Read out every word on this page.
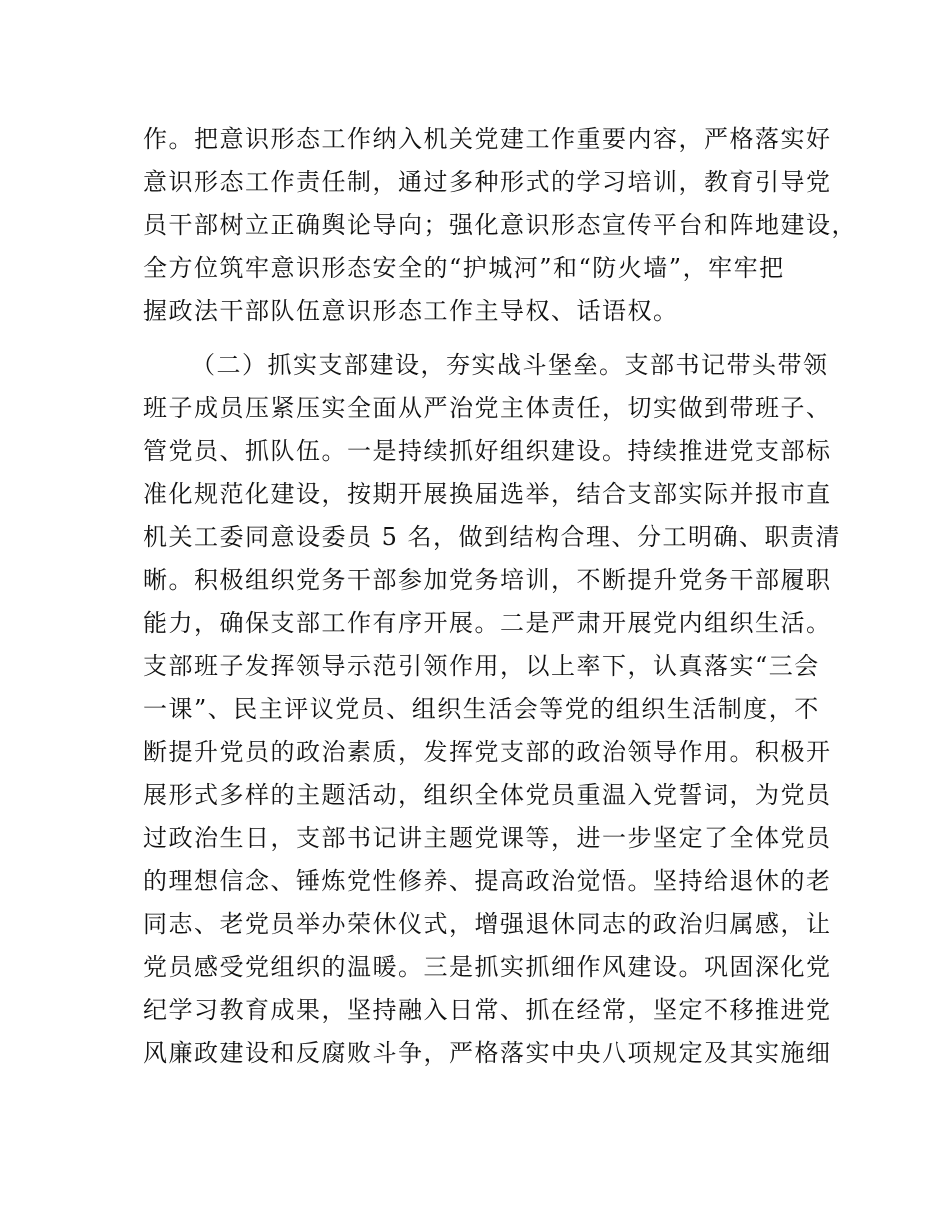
作。把意识形态工作纳入机关党建工作重要内容，严格落实好
意识形态工作责任制，通过多种形式的学习培训，教育引导党
员干部树立正确舆论导向；强化意识形态宣传平台和阵地建设，
全方位筑牢意识形态安全的“护城河”和“防火墙”，牢牢把
握政法干部队伍意识形态工作主导权、话语权。
（二）抓实支部建设，夯实战斗堡垒。支部书记带头带领
班子成员压紧压实全面从严治党主体责任，切实做到带班子、
管党员、抓队伍。一是持续抓好组织建设。持续推进党支部标
准化规范化建设，按期开展换届选举，结合支部实际并报市直
机关工委同意设委员 5 名，做到结构合理、分工明确、职责清
晰。积极组织党务干部参加党务培训，不断提升党务干部履职
能力，确保支部工作有序开展。二是严肃开展党内组织生活。
支部班子发挥领导示范引领作用，以上率下，认真落实“三会
一课”、民主评议党员、组织生活会等党的组织生活制度，不
断提升党员的政治素质，发挥党支部的政治领导作用。积极开
展形式多样的主题活动，组织全体党员重温入党誓词，为党员
过政治生日，支部书记讲主题党课等，进一步坚定了全体党员
的理想信念、锤炼党性修养、提高政治觉悟。坚持给退休的老
同志、老党员举办荣休仪式，增强退休同志的政治归属感，让
党员感受党组织的温暖。三是抓实抓细作风建设。巩固深化党
纪学习教育成果，坚持融入日常、抓在经常，坚定不移推进党
风廉政建设和反腐败斗争，严格落实中央八项规定及其实施细
